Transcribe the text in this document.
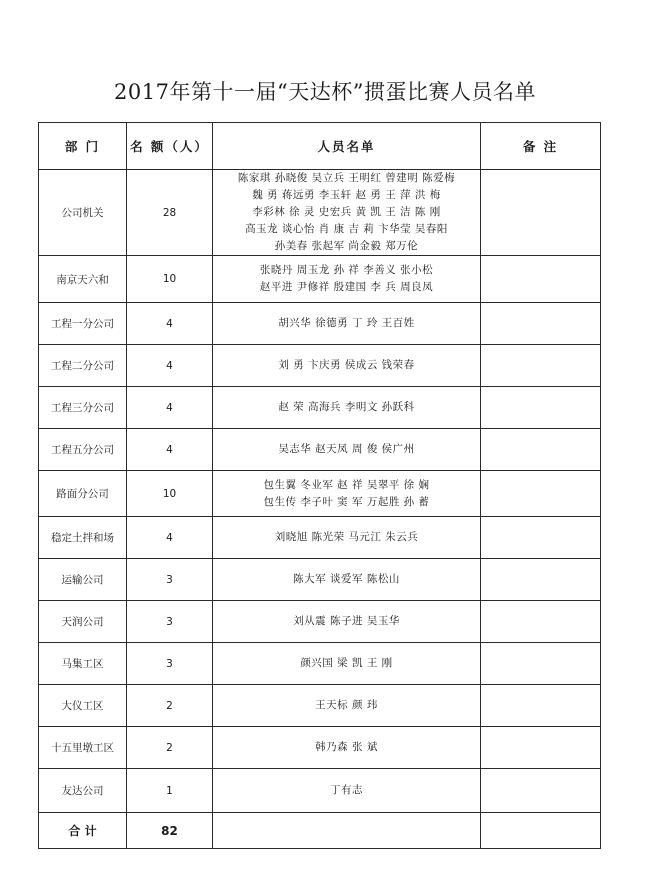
2017年第十一届“天达杯”掼蛋比赛人员名单
部 门	名 额（人）	人员名单	备 注
公司机关	28	陈家琪 孙晓俊 吴立兵 王明红 曾建明 陈爱梅
魏 勇 蒋远勇 李玉轩 赵 勇 王 萍 洪 梅
李彩林 徐 灵 史宏兵 黄 凯 王 洁 陈 刚
高玉龙 谈心怡 肖 康 吉 莉 卞华莹 吴春阳
孙美春 张起军 尚金毅 郑万伦	

南京天六和	10	张晓丹 周玉龙 孙 祥 李善义 张小松
赵平进 尹修祥 殷建国 李 兵 周良凤	

工程一分公司	4	胡兴华 徐德勇 丁 玲 王百姓	

工程二分公司	4	刘 勇 卞庆勇 侯成云 钱荣春	

工程三分公司	4	赵 荣 高海兵 李明文 孙跃科	

工程五分公司	4	吴志华 赵天凤 周 俊 侯广州	

路面分公司	10	包生翼 冬业军 赵 祥 吴翠平 徐 娴
包生传 李子叶 窦 军 万起胜 孙 蓄	

稳定土拌和场	4	刘晓旭 陈光荣 马元江 朱云兵	

运输公司	3	陈大军 谈爱军 陈松山	

天润公司	3	刘从震 陈子进 吴玉华	

马集工区	3	颜兴国 梁 凯 王 刚	

大仪工区	2	王天标 颜 玮	

十五里墩工区	2	韩乃森 张 斌	

友达公司	1	丁有志	

合 计	82		
